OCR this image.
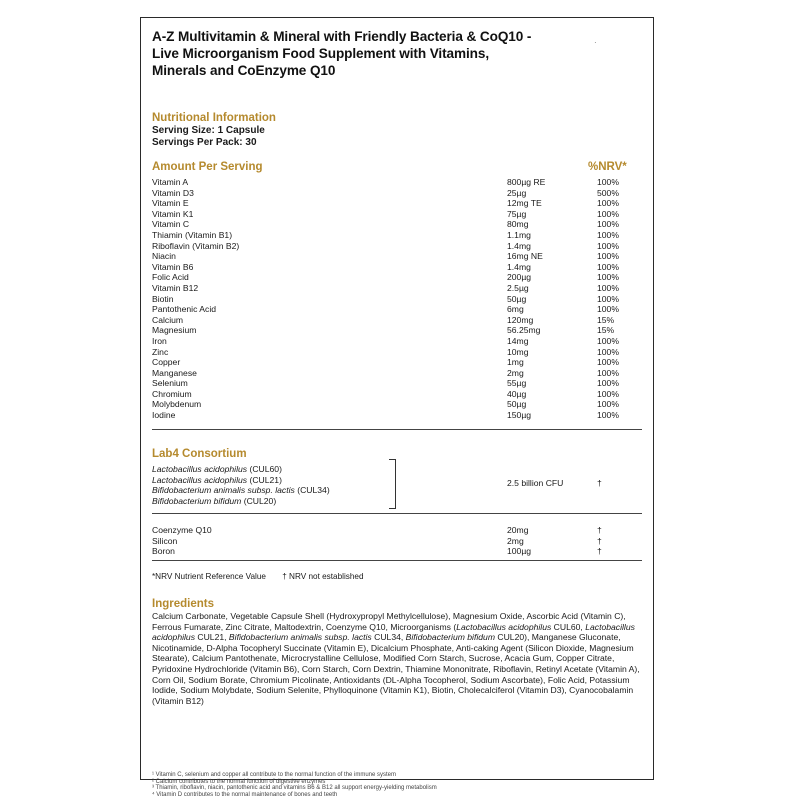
·
A-Z Multivitamin & Mineral with Friendly Bacteria & CoQ10 -
Live Microorganism Food Supplement with Vitamins,
Minerals and CoEnzyme Q10
Nutritional Information
Serving Size: 1 Capsule
Servings Per Pack: 30
Amount Per Serving	%NRV*
Vitamin A	800µg RE	100%
Vitamin D3	25µg	500%
Vitamin E	12mg TE	100%
Vitamin K1	75µg	100%
Vitamin C	80mg	100%
Thiamin (Vitamin B1)	1.1mg	100%
Riboflavin (Vitamin B2)	1.4mg	100%
Niacin	16mg NE	100%
Vitamin B6	1.4mg	100%
Folic Acid	200µg	100%
Vitamin B12	2.5µg	100%
Biotin	50µg	100%
Pantothenic Acid	6mg	100%
Calcium	120mg	15%
Magnesium	56.25mg	15%
Iron	14mg	100%
Zinc	10mg	100%
Copper	1mg	100%
Manganese	2mg	100%
Selenium	55µg	100%
Chromium	40µg	100%
Molybdenum	50µg	100%
Iodine	150µg	100%
Lab4 Consortium
Lactobacillus acidophilus (CUL60)
Lactobacillus acidophilus (CUL21)
Bifidobacterium animalis subsp. lactis (CUL34)
Bifidobacterium bifidum (CUL20)
2.5 billion CFU	†
Coenzyme Q10	20mg	†
Silicon	2mg	†
Boron	100µg	†
*NRV Nutrient Reference Value † NRV not established
Ingredients
Calcium Carbonate, Vegetable Capsule Shell (Hydroxypropyl Methylcellulose), Magnesium Oxide, Ascorbic Acid (Vitamin C), Ferrous Fumarate, Zinc Citrate, Maltodextrin, Coenzyme Q10, Microorganisms (Lactobacillus acidophilus CUL60, Lactobacillus acidophilus CUL21, Bifidobacterium animalis subsp. lactis CUL34, Bifidobacterium bifidum CUL20), Manganese Gluconate, Nicotinamide, D-Alpha Tocopheryl Succinate (Vitamin E), Dicalcium Phosphate, Anti-caking Agent (Silicon Dioxide, Magnesium Stearate), Calcium Pantothenate, Microcrystalline Cellulose, Modified Corn Starch, Sucrose, Acacia Gum, Copper Citrate, Pyridoxine Hydrochloride (Vitamin B6), Corn Starch, Corn Dextrin, Thiamine Mononitrate, Riboflavin, Retinyl Acetate (Vitamin A), Corn Oil, Sodium Borate, Chromium Picolinate, Antioxidants (DL-Alpha Tocopherol, Sodium Ascorbate), Folic Acid, Potassium Iodide, Sodium Molybdate, Sodium Selenite, Phylloquinone (Vitamin K1), Biotin, Cholecalciferol (Vitamin D3), Cyanocobalamin (Vitamin B12)
¹ Vitamin C, selenium and copper all contribute to the normal function of the immune system
² Calcium contributes to the normal function of digestive enzymes
³ Thiamin, riboflavin, niacin, pantothenic acid and vitamins B6 & B12 all support energy-yielding metabolism
⁴ Vitamin D contributes to the normal maintenance of bones and teeth
